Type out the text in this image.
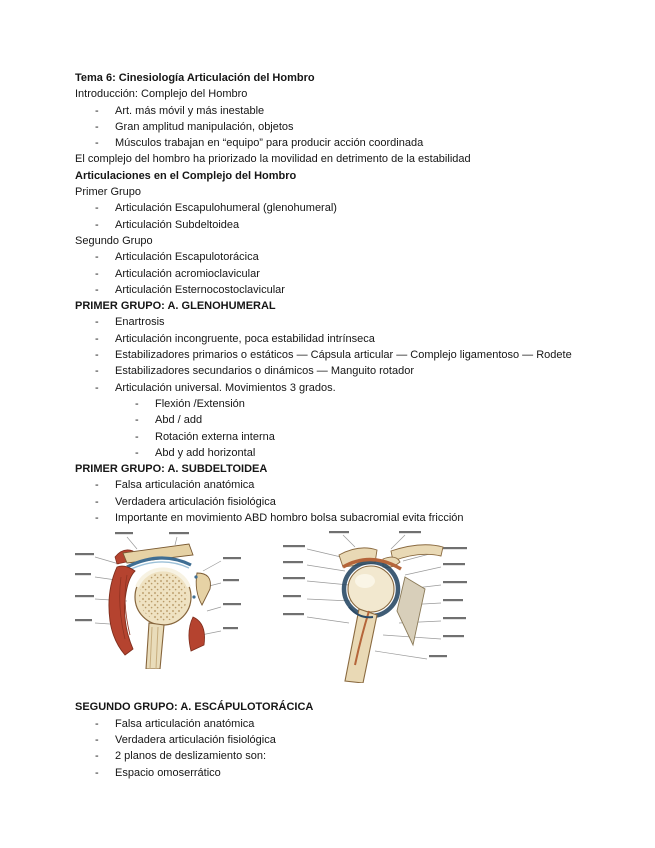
Tema 6: Cinesiología Articulación del Hombro
Introducción: Complejo del Hombro
-	Art. más móvil y más inestable
-	Gran amplitud manipulación, objetos
-	Músculos trabajan en “equipo” para producir acción coordinada
El complejo del hombro ha priorizado la movilidad en detrimento de la estabilidad
Articulaciones en el Complejo del Hombro
Primer Grupo
-	Articulación Escapulohumeral (glenohumeral)
-	Articulación Subdeltoidea
Segundo Grupo
-	Articulación Escapulotorácica
-	Articulación acromioclavicular
-	Articulación Esternocostoclavicular
PRIMER GRUPO: A. GLENOHUMERAL
-	Enartrosis
-	Articulación incongruente, poca estabilidad intrínseca
-	Estabilizadores primarios o estáticos — Cápsula articular — Complejo ligamentoso — Rodete
-	Estabilizadores secundarios o dinámicos — Manguito rotador
-	Articulación universal. Movimientos 3 grados.
-	Flexión /Extensión
-	Abd / add
-	Rotación externa interna
-	Abd y add horizontal
PRIMER GRUPO: A. SUBDELTOIDEA
-	Falsa articulación anatómica
-	Verdadera articulación fisiológica
-	Importante en movimiento ABD hombro bolsa subacromial evita fricción
SEGUNDO GRUPO: A. ESCÁPULOTORÁCICA
-	Falsa articulación anatómica
-	Verdadera articulación fisiológica
-	2 planos de deslizamiento son:
-	Espacio omoserrático
